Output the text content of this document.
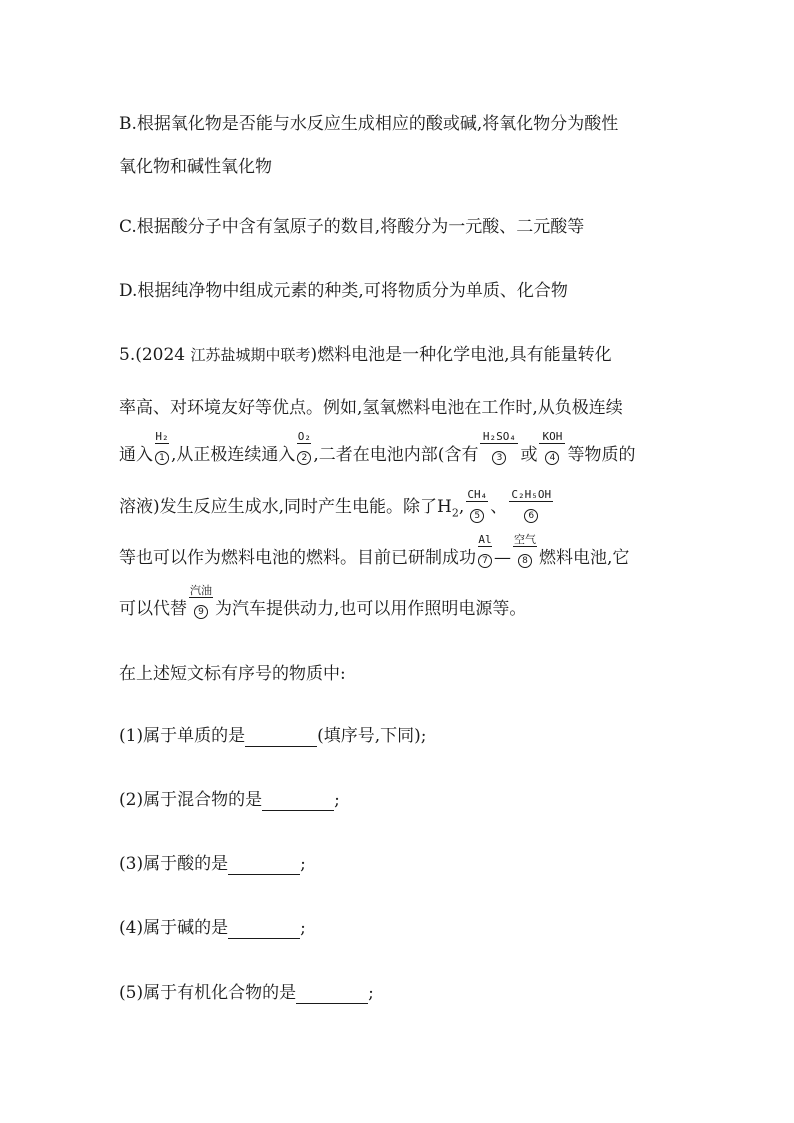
B.根据氧化物是否能与水反应生成相应的酸或碱,将氧化物分为酸性
氧化物和碱性氧化物
C.根据酸分子中含有氢原子的数目,将酸分为一元酸、二元酸等
D.根据纯净物中组成元素的种类,可将物质分为单质、化合物
5.(2024 江苏盐城期中联考)燃料电池是一种化学电池,具有能量转化
率高、对环境友好等优点。例如,氢氧燃料电池在工作时,从负极连续
通入
H₂
1 ,从正极连续通入
O₂
2 ,二者在电池内部(含有
H₂SO₄
3 或
KOH
4 等物质的
溶液)发生反应生成水,同时产生电能。除了$H_2$,
CH₄
5 、
C₂H₅OH
6
等也可以作为燃料电池的燃料。目前已研制成功
Al
7 —
空气
8 燃料电池,它
可以代替
汽油
9 为汽车提供动力,也可以用作照明电源等。
在上述短文标有序号的物质中:
(1)属于单质的是	(填序号,下同);
(2)属于混合物的是	;
(3)属于酸的是	;
(4)属于碱的是	;
(5)属于有机化合物的是	;
